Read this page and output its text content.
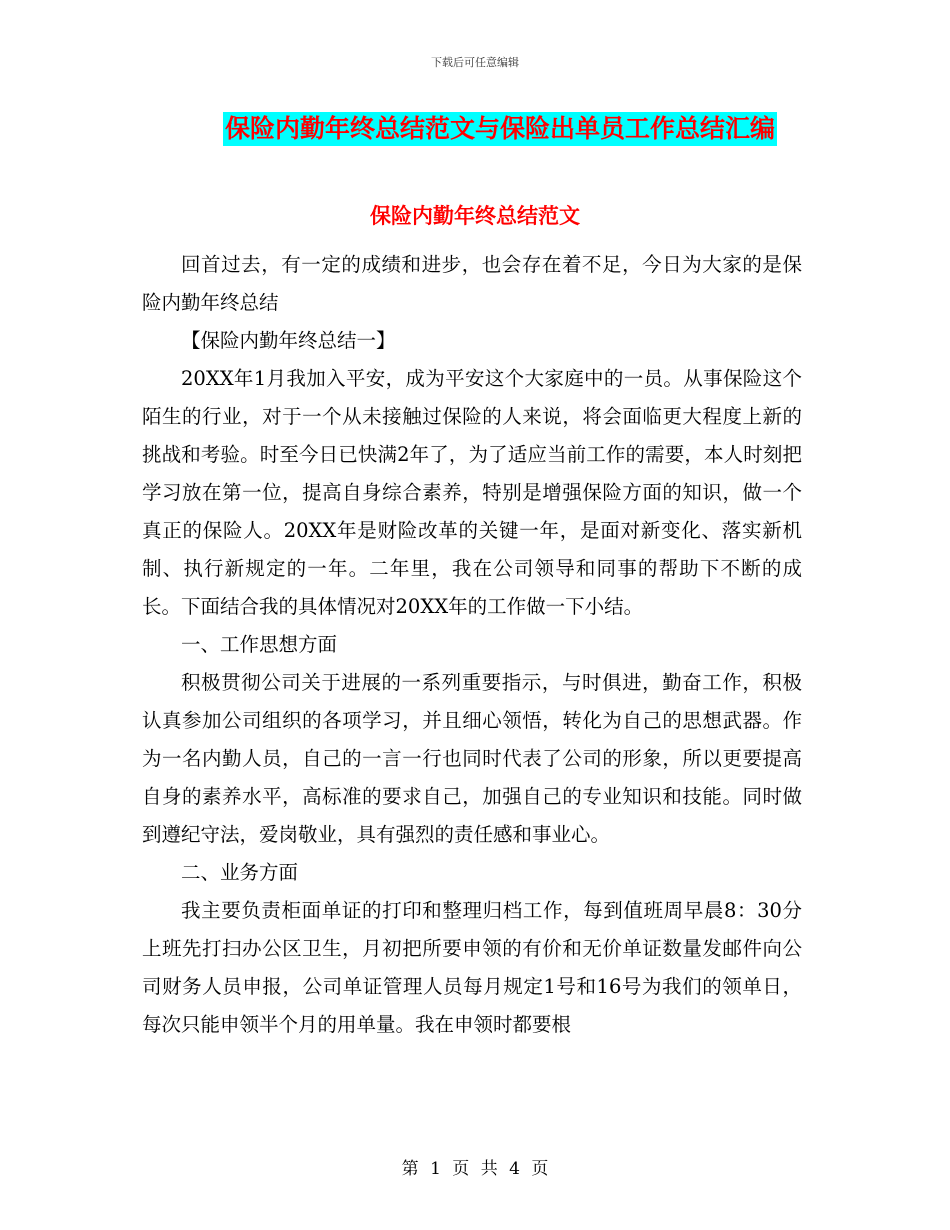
下载后可任意编辑
保险内勤年终总结范文与保险出单员工作总结汇编
保险内勤年终总结范文

回首过去，有一定的成绩和进步，也会存在着不足，今日为大家的是保险内勤年终总结

【保险内勤年终总结一】

20XX年1月我加入平安，成为平安这个大家庭中的一员。从事保险这个陌生的行业，对于一个从未接触过保险的人来说，将会面临更大程度上新的挑战和考验。时至今日已快满2年了，为了适应当前工作的需要，本人时刻把学习放在第一位，提高自身综合素养，特别是增强保险方面的知识，做一个真正的保险人。20XX年是财险改革的关键一年，是面对新变化、落实新机制、执行新规定的一年。二年里，我在公司领导和同事的帮助下不断的成长。下面结合我的具体情况对20XX年的工作做一下小结。

一、工作思想方面

积极贯彻公司关于进展的一系列重要指示，与时俱进，勤奋工作，积极认真参加公司组织的各项学习，并且细心领悟，转化为自己的思想武器。作为一名内勤人员，自己的一言一行也同时代表了公司的形象，所以更要提高自身的素养水平，高标准的要求自己，加强自己的专业知识和技能。同时做到遵纪守法，爱岗敬业，具有强烈的责任感和事业心。

二、业务方面

我主要负责柜面单证的打印和整理归档工作，每到值班周早晨8：30分上班先打扫办公区卫生，月初把所要申领的有价和无价单证数量发邮件向公司财务人员申报，公司单证管理人员每月规定1号和16号为我们的领单日，每次只能申领半个月的用单量。我在申领时都要根

第 1 页 共 4 页
